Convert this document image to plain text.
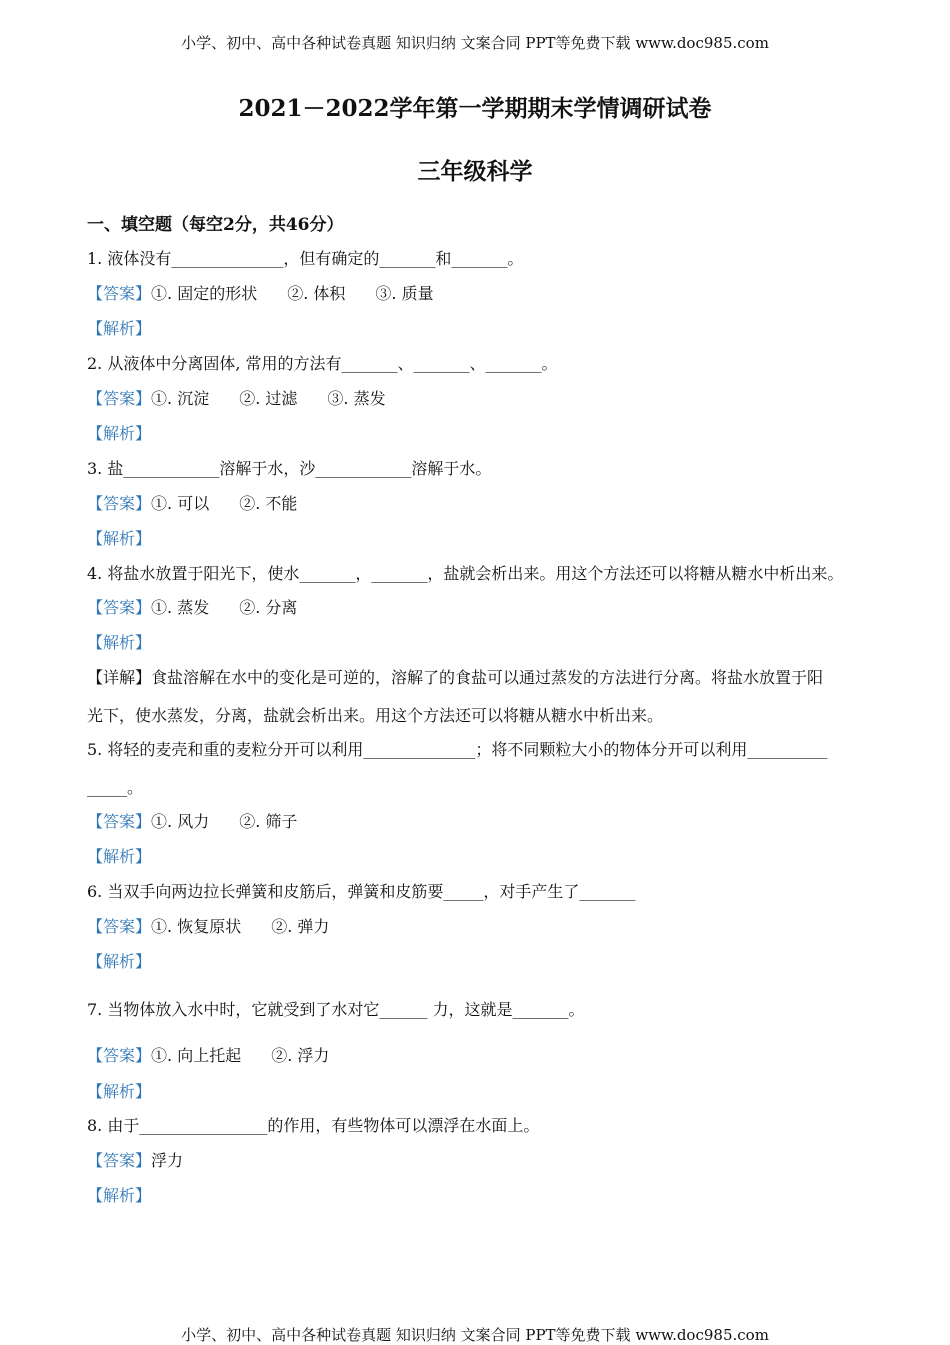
小学、初中、高中各种试卷真题 知识归纳 文案合同 PPT等免费下载 www.doc985.com
2021－2022学年第一学期期末学情调研试卷
三年级科学
一、填空题（每空2分，共46分）
1. 液体没有______________，但有确定的_______和_______。
【答案】①. 固定的形状 ②. 体积 ③. 质量
【解析】
2. 从液体中分离固体, 常用的方法有_______、_______、_______。
【答案】①. 沉淀 ②. 过滤 ③. 蒸发
【解析】
3. 盐____________溶解于水，沙____________溶解于水。
【答案】①. 可以 ②. 不能
【解析】
4. 将盐水放置于阳光下，使水_______，_______，盐就会析出来。用这个方法还可以将糖从糖水中析出来。
【答案】①. 蒸发 ②. 分离
【解析】
【详解】食盐溶解在水中的变化是可逆的，溶解了的食盐可以通过蒸发的方法进行分离。将盐水放置于阳
光下，使水蒸发，分离，盐就会析出来。用这个方法还可以将糖从糖水中析出来。
5. 将轻的麦壳和重的麦粒分开可以利用______________；将不同颗粒大小的物体分开可以利用__________
_____。
【答案】①. 风力 ②. 筛子
【解析】
6. 当双手向两边拉长弹簧和皮筋后，弹簧和皮筋要_____，对手产生了_______
【答案】①. 恢复原状 ②. 弹力
【解析】
7. 当物体放入水中时，它就受到了水对它______ 力，这就是_______。
【答案】①. 向上托起 ②. 浮力
【解析】
8. 由于________________的作用，有些物体可以漂浮在水面上。
【答案】浮力
【解析】
小学、初中、高中各种试卷真题 知识归纳 文案合同 PPT等免费下载 www.doc985.com
